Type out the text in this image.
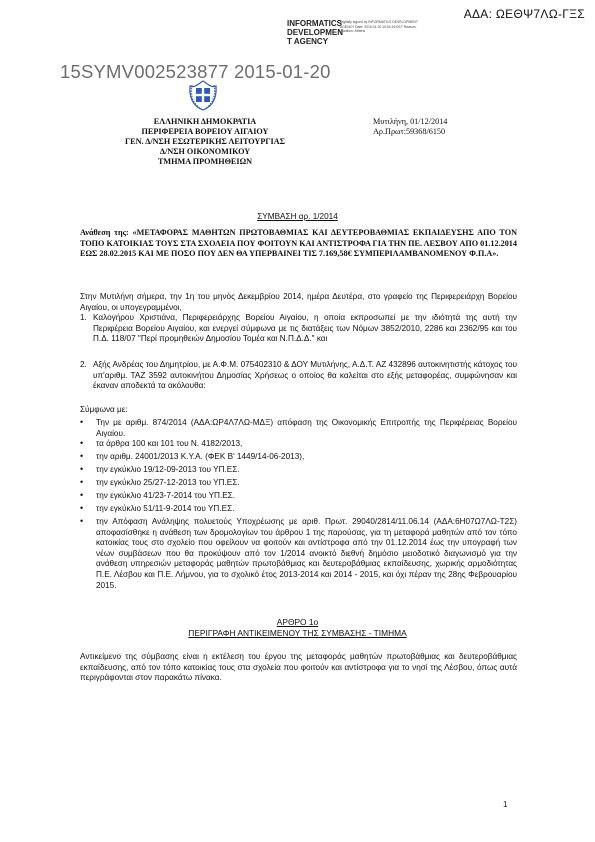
ΑΔΑ: ΩΕΘΨ7ΛΩ-ΓΞΣ
INFORMATICS DEVELOPMEN T AGENCY
Digitally signed by INFORMATICS DEVELOPMENT AGENCY Date: 2015.01.20 10:54:16 EET Reason: Location: Athens
15SYMV002523877 2015-01-20
ΕΛΛΗΝΙΚΗ ΔΗΜΟΚΡΑΤΙΑ
ΠΕΡΙΦΕΡΕΙΑ ΒΟΡΕΙΟΥ ΑΙΓΑΙΟΥ
ΓΕΝ. Δ/ΝΣΗ ΕΣΩΤΕΡΙΚΗΣ ΛΕΙΤΟΥΡΓΙΑΣ
Δ/ΝΣΗ ΟΙΚΟΝΟΜΙΚΟΥ
ΤΜΗΜΑ ΠΡΟΜΗΘΕΙΩΝ
Μυτιλήνη, 01/12/2014
Αρ.Πρωτ:59368/6150
ΣΥΜΒΑΣΗ αρ. 1/2014
Ανάθεση της: «ΜΕΤΑΦΟΡΑΣ ΜΑΘΗΤΩΝ ΠΡΩΤΟΒΑΘΜΙΑΣ ΚΑΙ ΔΕΥΤΕΡΟΒΑΘΜΙΑΣ ΕΚΠΑΙΔΕΥΣΗΣ ΑΠΟ ΤΟΝ ΤΟΠΟ ΚΑΤΟΙΚΙΑΣ ΤΟΥΣ ΣΤΑ ΣΧΟΛΕΙΑ ΠΟΥ ΦΟΙΤΟΥΝ ΚΑΙ ΑΝΤΙΣΤΡΟΦΑ ΓΙΑ ΤΗΝ ΠΕ. ΛΕΣΒΟΥ ΑΠΟ 01.12.2014 ΕΩΣ 28.02.2015 ΚΑΙ ΜΕ ΠΟΣΟ ΠΟΥ ΔΕΝ ΘΑ ΥΠΕΡΒΑΙΝΕΙ ΤΙΣ 7.169,58€ ΣΥΜΠΕΡΙΛΑΜΒΑΝΟΜΕΝΟΥ Φ.Π.Α».
Στην Μυτιλήνη σήμερα, την 1η του μηνός Δεκεμβρίου 2014, ημέρα Δευτέρα, στο γραφείο της Περιφερειάρχη Βορείου Αιγαίου, οι υπογεγραμμένοι,
1. Καλογήρου Χριστιάνα, Περιφερειάρχης Βορείου Αιγαίου, η οποία εκπροσωπεί με την ιδιότητά της αυτή την Περιφέρεια Βορείου Αιγαίου, και ενεργεί σύμφωνα με τις διατάξεις των Νόμων 3852/2010, 2286 και 2362/95 και του Π.Δ. 118/07 "Περί προμηθειών Δημοσίου Τομέα και Ν.Π.Δ.Δ." και
2. Αξής Ανδρέας του Δημητρίου, με Α.Φ.Μ. 075402310 & ΔΟΥ Μυτιλήνης, Α.Δ.Τ. ΑΖ 432896 αυτοκινητιστής κάτοχος του υπ'αριθμ. ΤΑΖ 3592 αυτοκινήτου Δημοσίας Χρήσεως ο οποίος θα καλείται στο εξής μεταφορέας, συμφώνησαν και έκαναν αποδεκτά τα ακόλουθα:
Σύμφωνα με:
• Την με αριθμ. 874/2014 (ΑΔΑ:ΩΡ4Λ7ΛΩ-ΜΔΞ) απόφαση της Οικονομικής Επιτροπής της Περιφέρειας Βορείου Αιγαίου.
• τα άρθρα 100 και 101 του Ν. 4182/2013,
• την αριθμ. 24001/2013 Κ.Υ.Α. (ΦΕΚ Β' 1449/14-06-2013),
• την εγκύκλιο 19/12-09-2013 του ΥΠ.ΕΣ.
• την εγκύκλιο 25/27-12-2013 του ΥΠ.ΕΣ.
• την εγκύκλιο 41/23-7-2014 του ΥΠ.ΕΣ.
• την εγκύκλιο 51/11-9-2014 του ΥΠ.ΕΣ.
• την Απόφαση Ανάληψης πολυετούς Υποχρέωσης με αριθ. Πρωτ. 29040/2814/11.06.14 (ΑΔΑ:6Η07Ω7ΛΩ-Τ2Σ) αποφασίσθηκε η ανάθεση των δρομολογίων του άρθρου 1 της παρούσας, για τη μεταφορά μαθητών από τον τόπο κατοικίας τους στο σχολείο που οφείλουν να φοιτούν και αντίστροφα από την 01.12.2014 έως την υπογραφή των νέων συμβάσεων που θα προκύψουν από τον 1/2014 ανοικτό διεθνή δημόσιο μειοδοτικό διαγωνισμό για την ανάθεση υπηρεσιών μεταφοράς μαθητών πρωτοβάθμιας και δευτεροβάθμιας εκπαίδευσης, χωρικής αρμοδιότητας Π.Ε. Λέσβου και Π.Ε. Λήμνου, για το σχολικό έτος 2013-2014 και 2014 - 2015, και όχι πέραν της 28ης Φεβρουαρίου 2015.
ΑΡΘΡΟ 1ο
ΠΕΡΙΓΡΑΦΗ ΑΝΤΙΚΕΙΜΕΝΟΥ ΤΗΣ ΣΥΜΒΑΣΗΣ - ΤΙΜΗΜΑ
Αντικείμενο της σύμβασης είναι η εκτέλεση του έργου της μεταφοράς μαθητών πρωτοβάθμιας και δευτεροβάθμιας εκπαίδευσης, από τον τόπο κατοικίας τους στα σχολεία που φοιτούν και αντίστροφα για το νησί της Λέσβου, όπως αυτά περιγράφονται στον παρακάτω πίνακα.
1
